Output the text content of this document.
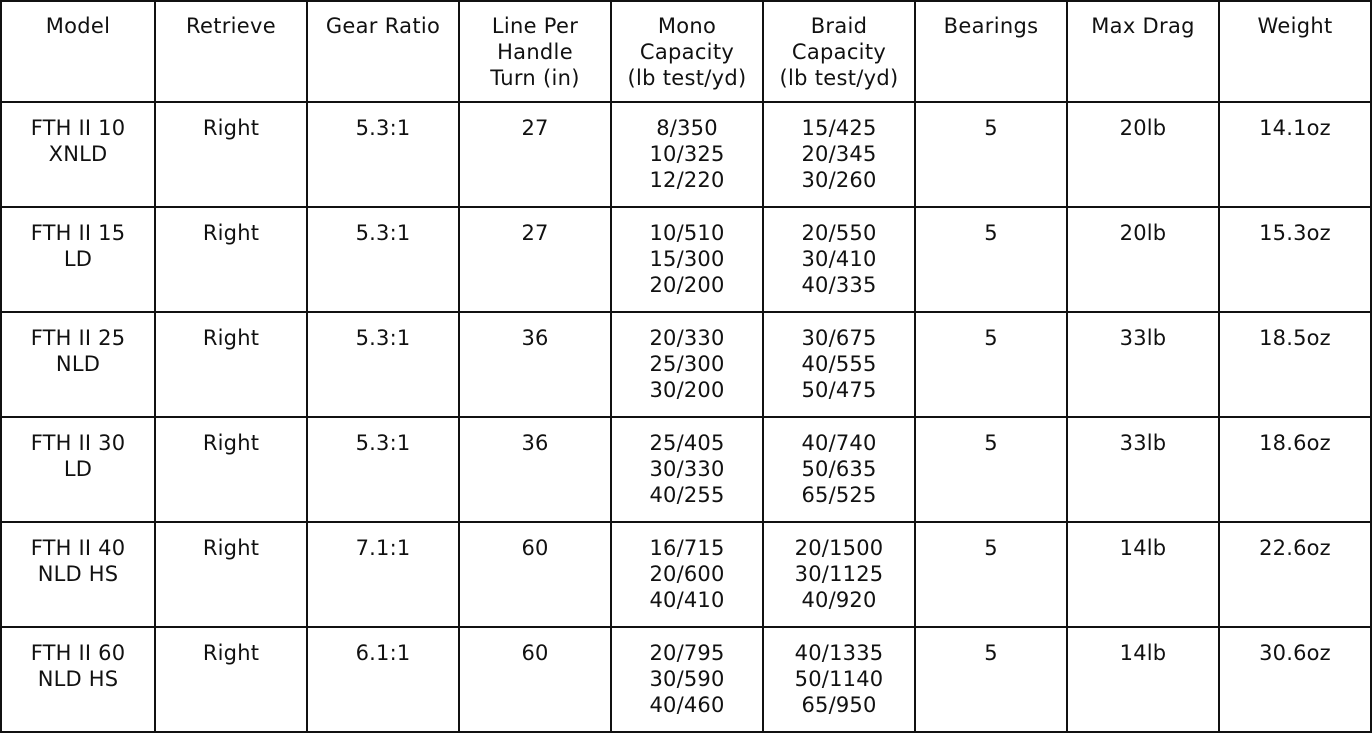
Model	Retrieve	Gear Ratio	Line Per
Handle
Turn (in)	Mono
Capacity
(lb test/yd)	Braid
Capacity
(lb test/yd)	Bearings	Max Drag	Weight

FTH II 10
XNLD	Right	5.3:1	27	8/350
10/325
12/220	15/425
20/345
30/260	5	20lb	14.1oz

FTH II 15
LD	Right	5.3:1	27	10/510
15/300
20/200	20/550
30/410
40/335	5	20lb	15.3oz

FTH II 25
NLD	Right	5.3:1	36	20/330
25/300
30/200	30/675
40/555
50/475	5	33lb	18.5oz

FTH II 30
LD	Right	5.3:1	36	25/405
30/330
40/255	40/740
50/635
65/525	5	33lb	18.6oz

FTH II 40
NLD HS	Right	7.1:1	60	16/715
20/600
40/410	20/1500
30/1125
40/920	5	14lb	22.6oz

FTH II 60
NLD HS	Right	6.1:1	60	20/795
30/590
40/460	40/1335
50/1140
65/950	5	14lb	30.6oz
